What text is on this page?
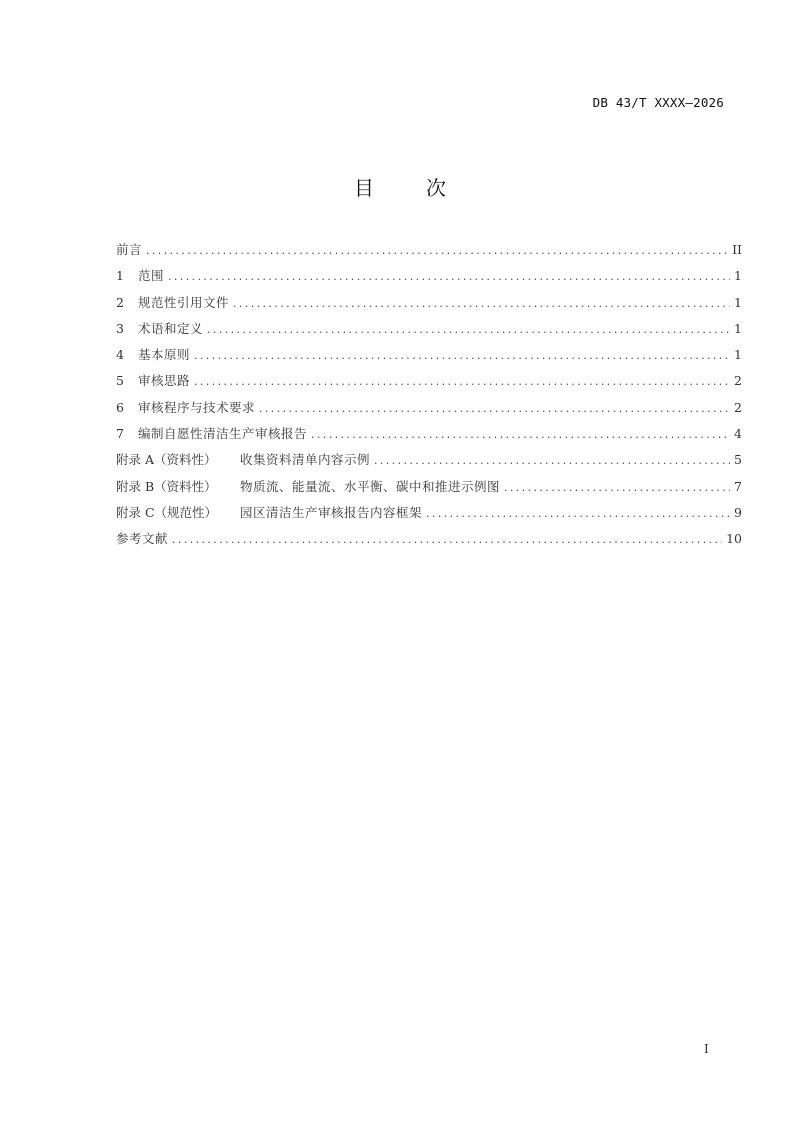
DB 43/T XXXX—2026
目	次
前言 .....	II
1	范围 .....	1
2	规范性引用文件 .....	1
3	术语和定义 .....	1
4	基本原则 .....	1
5	审核思路 .....	2
6	审核程序与技术要求 .....	2
7	编制自愿性清洁生产审核报告 .....	4
附录 A（资料性）	收集资料清单内容示例 .....	5
附录 B（资料性）	物质流、能量流、水平衡、碳中和推进示例图 .....	7
附录 C（规范性）	园区清洁生产审核报告内容框架 .....	9
参考文献 .....	10
I
